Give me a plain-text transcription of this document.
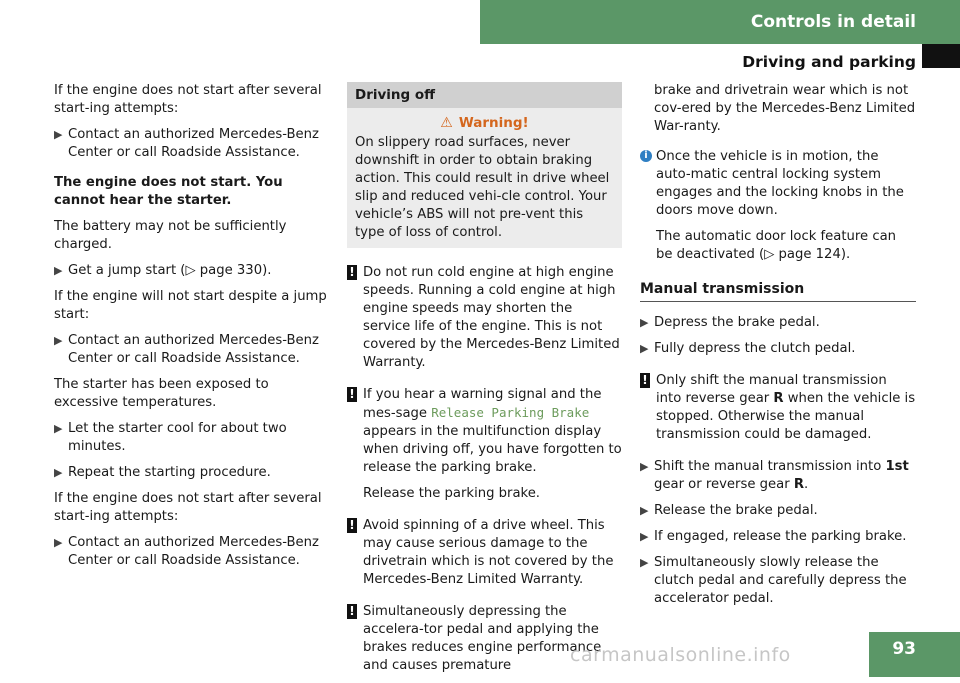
Controls in detail
Driving and parking

If the engine does not start after several start-ing attempts:

▶ Contact an authorized Mercedes-Benz Center or call Roadside Assistance.

The engine does not start. You cannot hear the starter.

The battery may not be sufficiently charged.

▶ Get a jump start (▷ page 330).

If the engine will not start despite a jump start:

▶ Contact an authorized Mercedes-Benz Center or call Roadside Assistance.

The starter has been exposed to excessive temperatures.

▶ Let the starter cool for about two minutes.
▶ Repeat the starting procedure.

If the engine does not start after several start-ing attempts:

▶ Contact an authorized Mercedes-Benz Center or call Roadside Assistance.
Driving off
⚠ Warning!
On slippery road surfaces, never downshift in order to obtain braking action. This could result in drive wheel slip and reduced vehi-cle control. Your vehicle’s ABS will not pre-vent this type of loss of control.
! Do not run cold engine at high engine speeds. Running a cold engine at high engine speeds may shorten the service life of the engine. This is not covered by the Mercedes-Benz Limited Warranty.
! If you hear a warning signal and the mes-sage Release Parking Brake appears in the multifunction display when driving off, you have forgotten to release the parking brake.
Release the parking brake.
! Avoid spinning of a drive wheel. This may cause serious damage to the drivetrain which is not covered by the Mercedes-Benz Limited Warranty.
! Simultaneously depressing the accelera-tor pedal and applying the brakes reduces engine performance and causes premature

brake and drivetrain wear which is not cov-ered by the Mercedes-Benz Limited War-ranty.

i Once the vehicle is in motion, the auto-matic central locking system engages and the locking knobs in the doors move down.
The automatic door lock feature can be deactivated (▷ page 124).
Manual transmission
▶ Depress the brake pedal.
▶ Fully depress the clutch pedal.
! Only shift the manual transmission into reverse gear R when the vehicle is stopped. Otherwise the manual transmission could be damaged.
▶ Shift the manual transmission into 1st gear or reverse gear R.
▶ Release the brake pedal.
▶ If engaged, release the parking brake.
▶ Simultaneously slowly release the clutch pedal and carefully depress the accelerator pedal.
carmanualsonline.info	93
